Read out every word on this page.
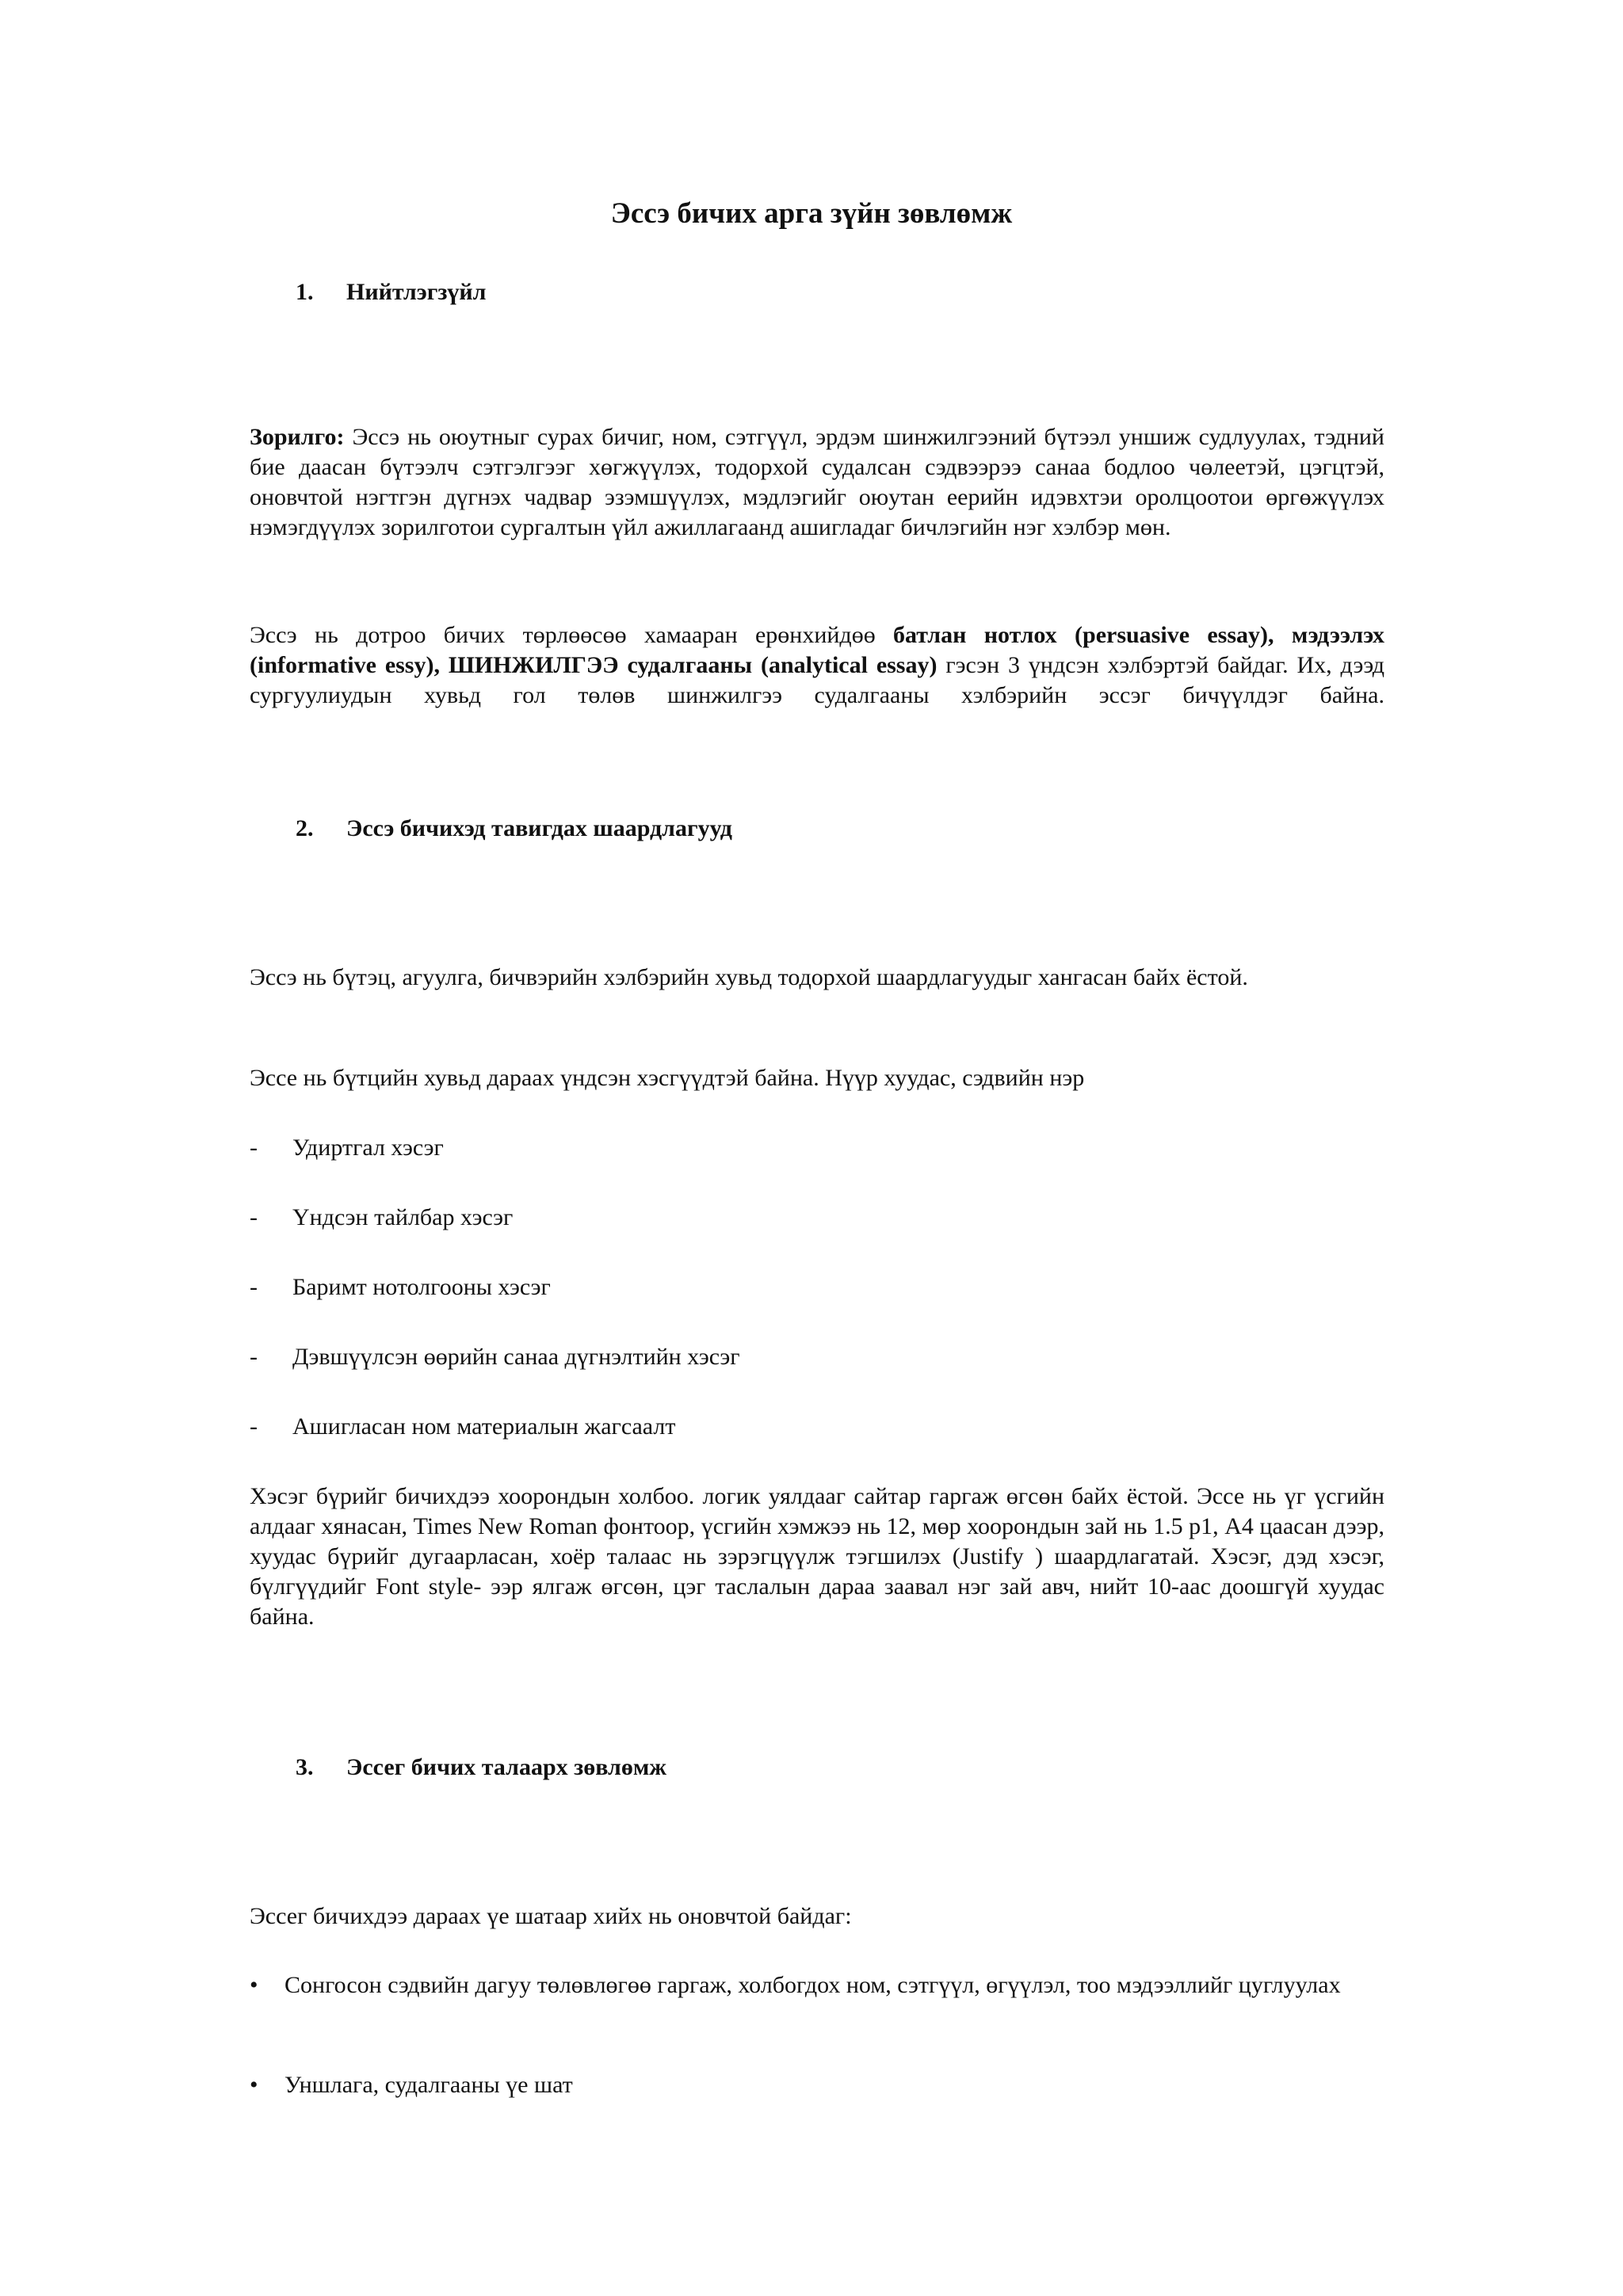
Эссэ бичих арга зүйн зөвлөмж
1. Нийтлэгзүйл
Зорилго: Эссэ нь оюутныг сурах бичиг, ном, сэтгүүл, эрдэм шинжилгээний бүтээл уншиж судлуулах, тэдний бие даасан бүтээлч сэтгэлгээг хөгжүүлэх, тодорхой судалсан сэдвээрээ санаа бодлоо чөлеетэй, цэгцтэй, оновчтой нэгтгэн дүгнэх чадвар эзэмшүүлэх, мэдлэгийг оюутан еерийн идэвхтэи оролцоотои өргөжүүлэх нэмэгдүүлэх зорилготои сургалтын үйл ажиллагаанд ашигладаг бичлэгийн нэг хэлбэр мөн.
Эссэ нь дотроо бичих төрлөөсөө хамааран ерөнхийдөө батлан нотлох (persuasive essay), мэдээлэх (informative essy), ШИНЖИЛГЭЭ судалгааны (analytical essay) гэсэн 3 үндсэн хэлбэртэй байдаг. Их, дээд сургуулиудын хувьд гол төлөв шинжилгээ судалгааны хэлбэрийн эссэг бичүүлдэг байна.
2. Эссэ бичихэд тавигдах шаардлагууд
Эссэ нь бүтэц, агуулга, бичвэрийн хэлбэрийн хувьд тодорхой шаардлагуудыг хангасан байх ёстой.
Эссе нь бүтцийн хувьд дараах үндсэн хэсгүүдтэй байна. Нүүр хуудас, сэдвийн нэр
- Удиртгал хэсэг
- Үндсэн тайлбар хэсэг
- Баримт нотолгооны хэсэг
- Дэвшүүлсэн өөрийн санаа дүгнэлтийн хэсэг
- Ашигласан ном материалын жагсаалт
Хэсэг бүрийг бичихдээ хоорондын холбоо. логик уялдааг сайтар гаргаж өгсөн байх ёстой. Эссе нь үг үсгийн алдааг хянасан, Times New Roman фонтоор, үсгийн хэмжээ нь 12, мөр хоорондын зай нь 1.5 р1, А4 цаасан дээр, хуудас бүрийг дугаарласан, хоёр талаас нь зэрэгцүүлж тэгшилэх (Justify ) шаардлагатай. Хэсэг, дэд хэсэг, бүлгүүдийг Font style- ээр ялгаж өгсөн, цэг таслалын дараа заавал нэг зай авч, нийт 10-аас доошгүй хуудас байна.
3. Эссег бичих талаарх зөвлөмж
Эссег бичихдээ дараах үе шатаар хийх нь оновчтой байдаг:
• Сонгосон сэдвийн дагуу төлөвлөгөө гаргаж, холбогдох ном, сэтгүүл, өгүүлэл, тоо мэдээллийг цуглуулах
• Уншлага, судалгааны үе шат
